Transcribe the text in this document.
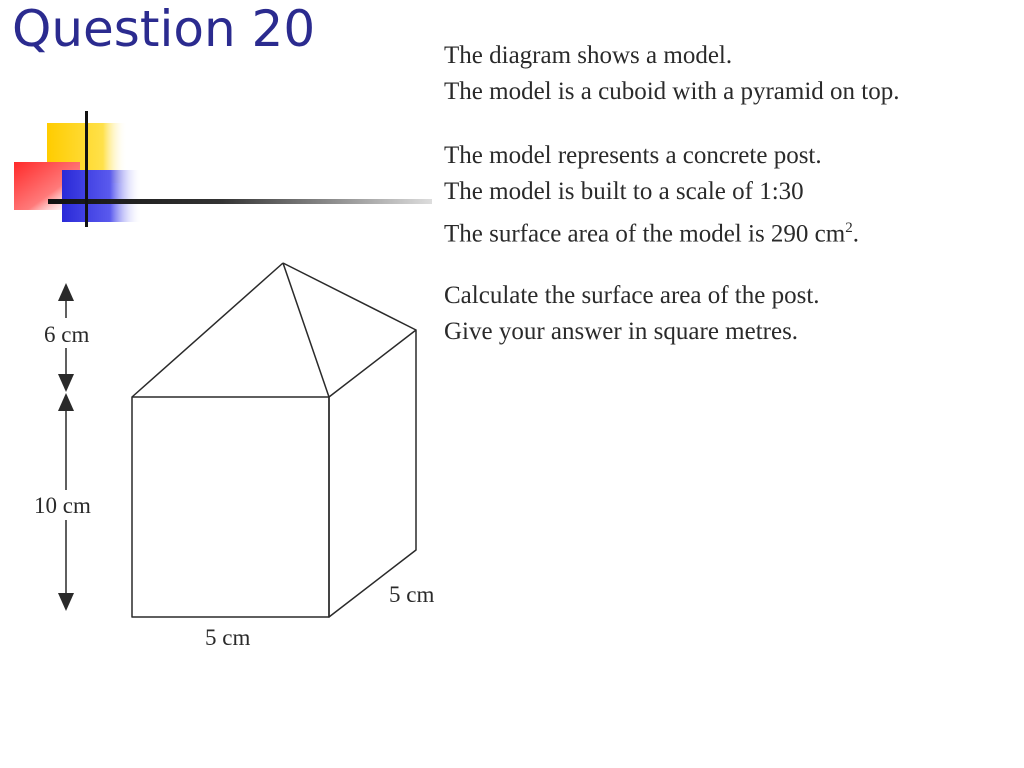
Question 20	The diagram shows a model.
The model is a cuboid with a pyramid on top.
The model represents a concrete post.
The model is built to a scale of 1:30
The surface area of the model is 290 $cm^2$.
Calculate the surface area of the post.
Give your answer in square metres.
6 cm
10 cm
5 cm
5 cm
